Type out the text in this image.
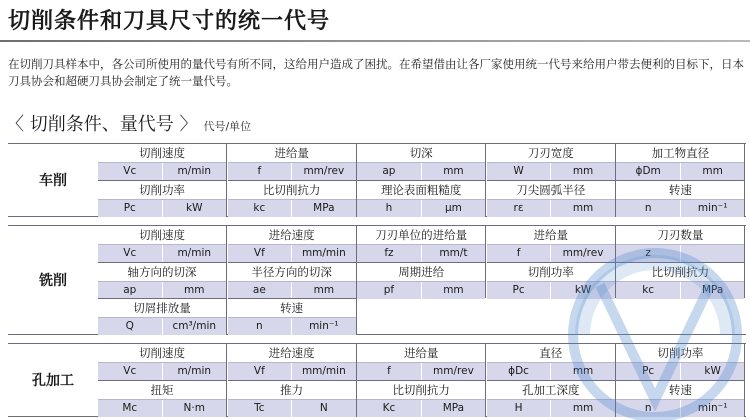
切削条件和刀具尺寸的统一代号
在切削刀具样本中，各公司所使用的量代号有所不同，这给用户造成了困扰。在希望借由让各厂家使用统一代号来给用户带去便利的目标下，日本刀具协会和超硬刀具协会制定了统一量代号。
〈 切削条件、量代号 〉 代号/单位
车削
切削速度
Vc	m/min
进给量
f	mm/rev
切深
ap	mm
刀刃宽度
W	mm
加工物直径
ϕDm	mm
切削功率
Pc	kW
比切削抗力
kc	MPa
理论表面粗糙度
h	μm
刀尖圆弧半径
rε	mm
转速
n	min⁻¹
铣削
切削速度
Vc	m/min
进给速度
Vf	mm/min
刀刃单位的进给量
fz	mm/t
进给量
f	mm/rev
刀刃数量
z
轴方向的切深
ap	mm
半径方向的切深
ae	mm
周期进给
pf	mm
切削功率
Pc	kW
比切削抗力
kc	MPa
切屑排放量
Q	cm³/min
转速
n	min⁻¹
孔加工
切削速度
Vc	m/min
进给速度
Vf	mm/min
进给量
f	mm/rev
直径
ϕDc	mm
切削功率
Pc	kW
扭矩
Mc	N·m
推力
Tc	N
比切削抗力
Kc	MPa
孔加工深度
H	mm
转速
n	min⁻¹
